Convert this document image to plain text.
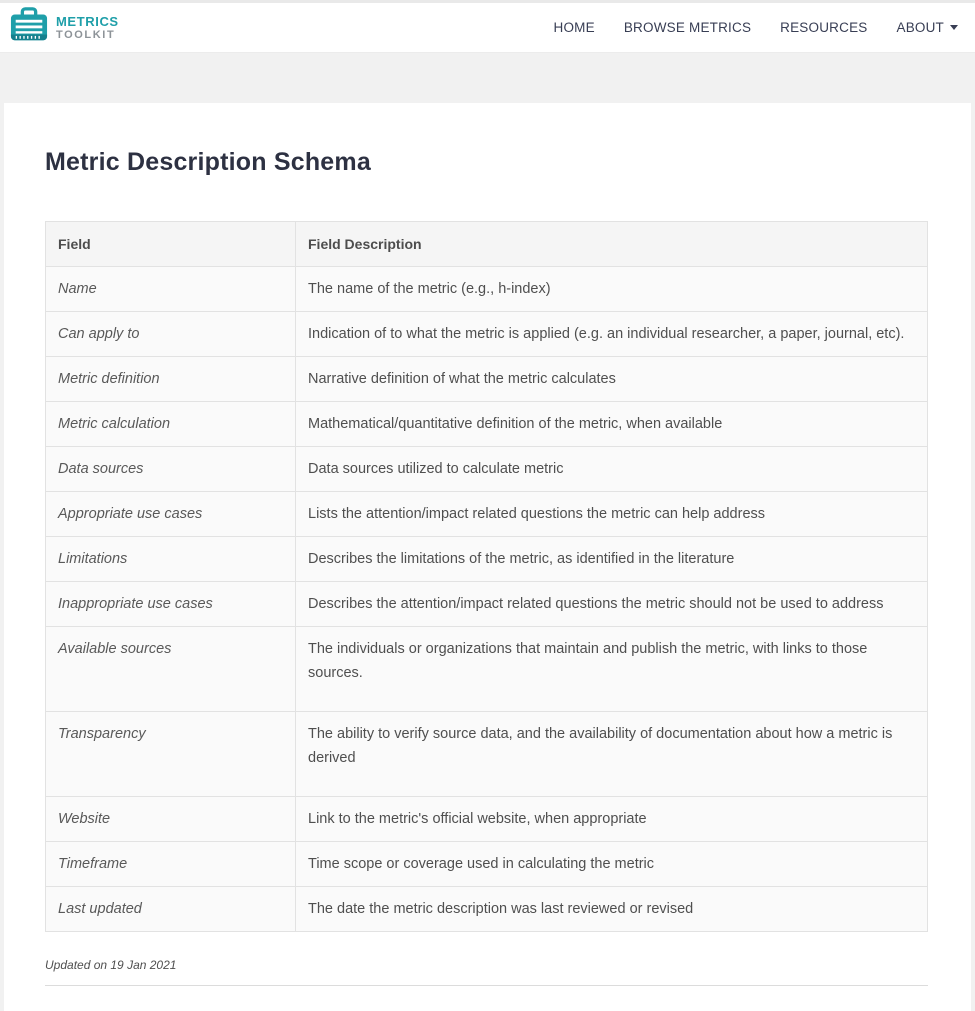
METRICS
TOOLKIT	HOME BROWSE METRICS RESOURCES ABOUT
Metric Description Schema
Field	Field Description
Name	The name of the metric (e.g., h-index)
Can apply to	Indication of to what the metric is applied (e.g. an individual researcher, a paper, journal, etc).
Metric definition	Narrative definition of what the metric calculates
Metric calculation	Mathematical/quantitative definition of the metric, when available
Data sources	Data sources utilized to calculate metric
Appropriate use cases	Lists the attention/impact related questions the metric can help address
Limitations	Describes the limitations of the metric, as identified in the literature
Inappropriate use cases	Describes the attention/impact related questions the metric should not be used to address
Available sources	The individuals or organizations that maintain and publish the metric, with links to those sources.
Transparency	The ability to verify source data, and the availability of documentation about how a metric is derived
Website	Link to the metric's official website, when appropriate
Timeframe	Time scope or coverage used in calculating the metric
Last updated	The date the metric description was last reviewed or revised

Updated on 19 Jan 2021
